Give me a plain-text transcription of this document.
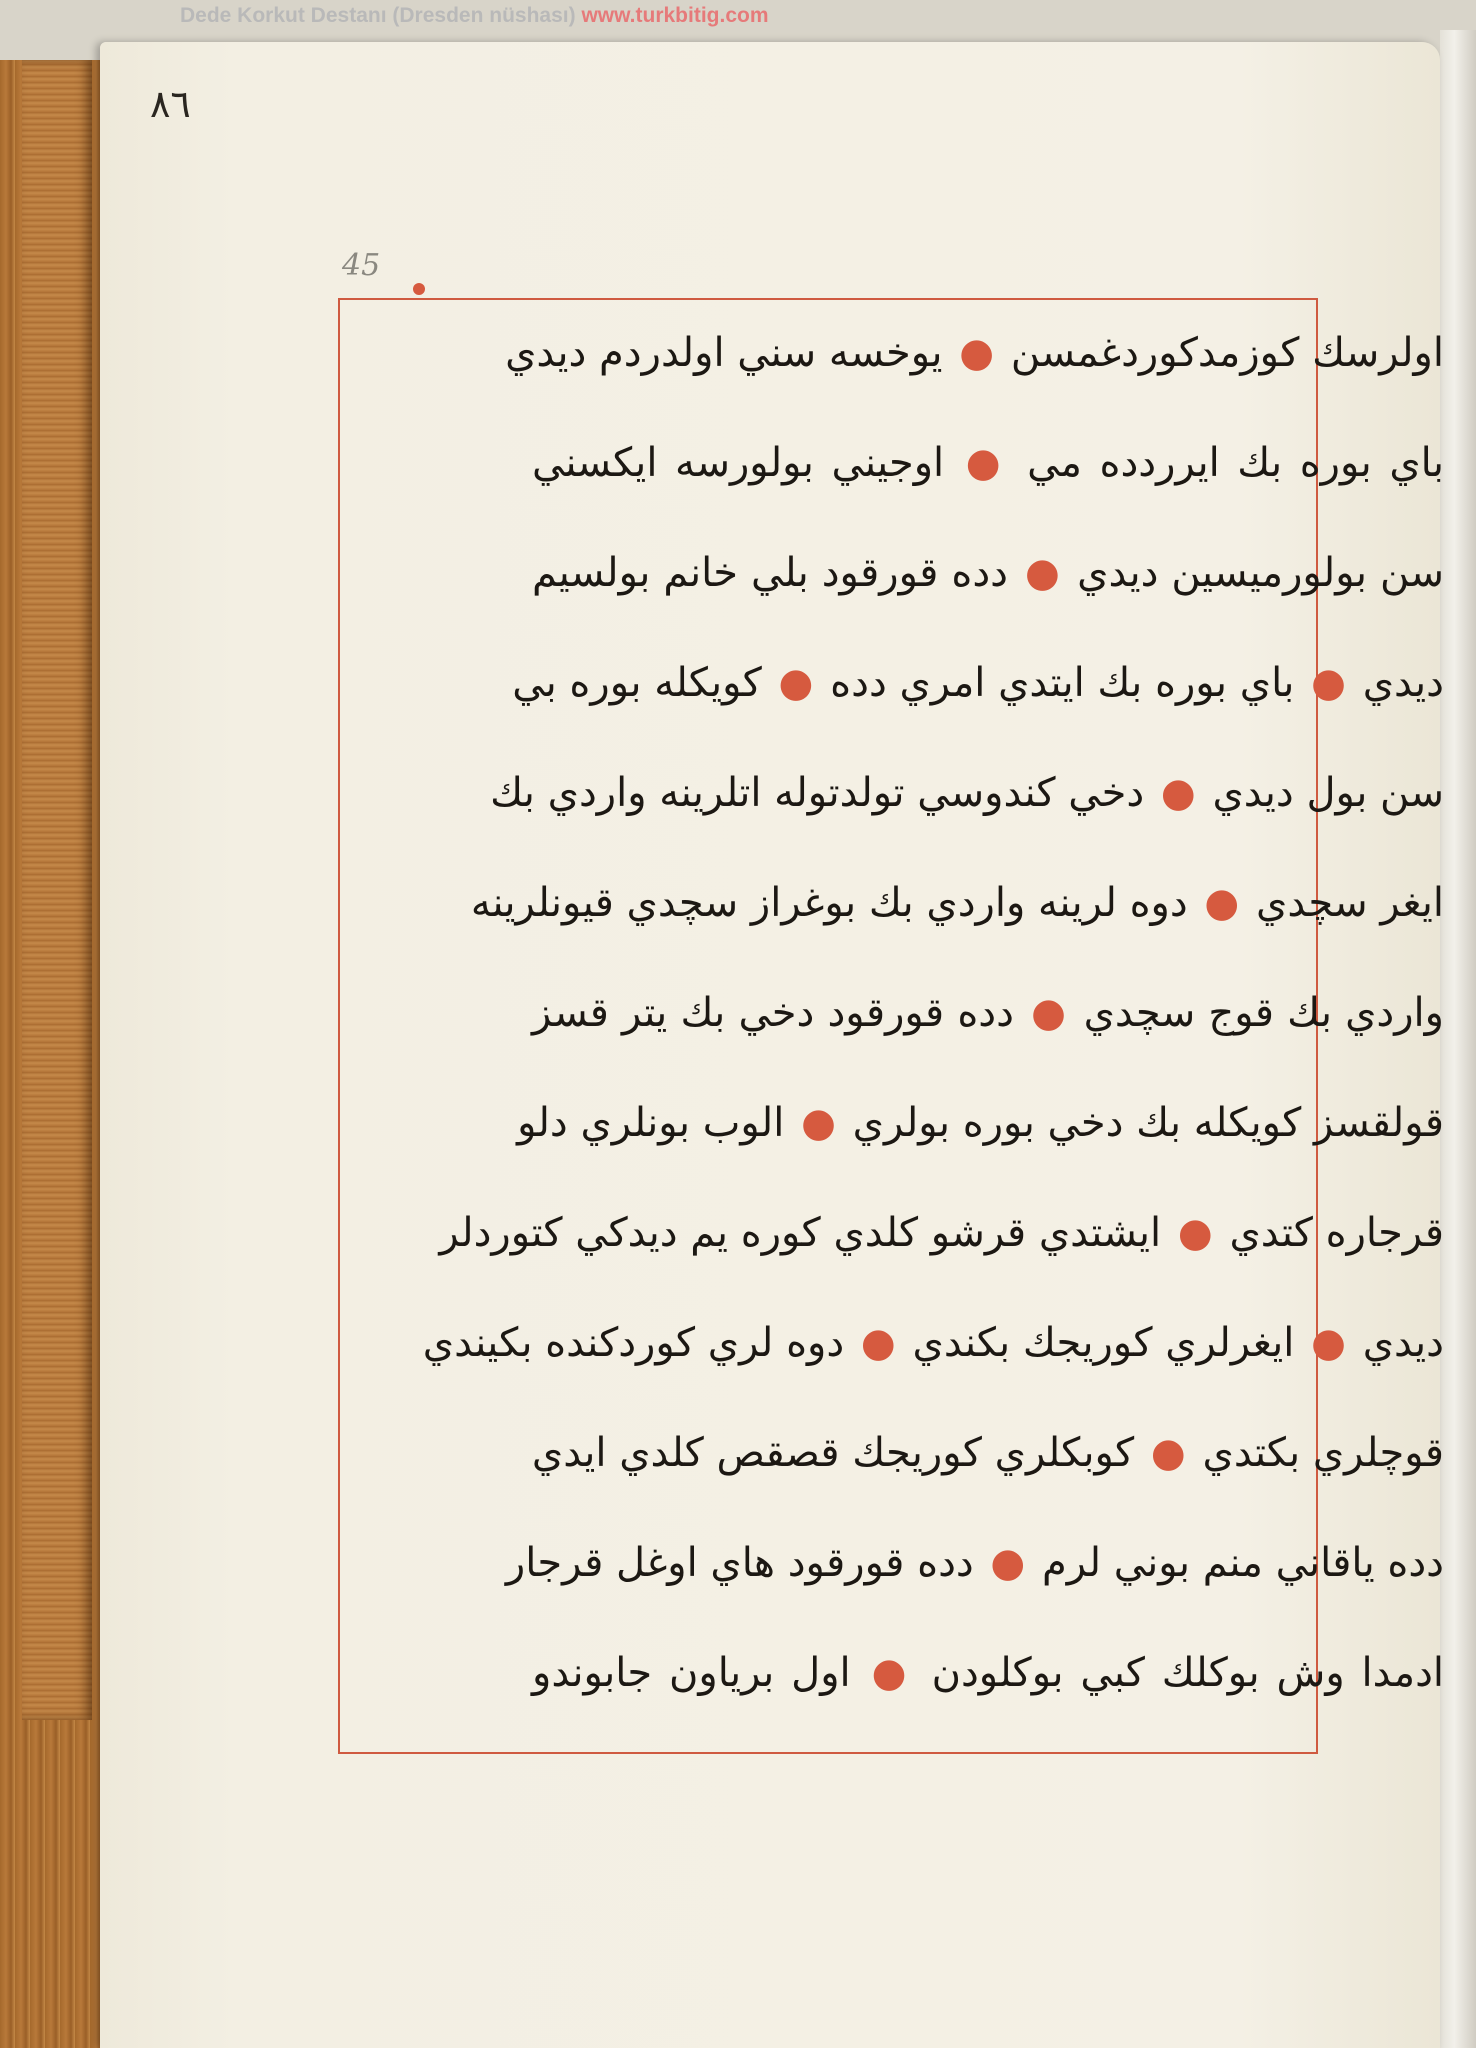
Dede Korkut Destanı (Dresden nüshası) www.turkbitig.com
٨٦
45
اولرسك كوزمدكوردغمسن ● يوخسه سني اولدردم ديدي
باي بوره بك ايرردده مي ● اوجيني بولورسه ايكسني
سن بولورميسين ديدي ● دده قورقود بلي خانم بولسيم
ديدي ● باي بوره بك ايتدي امري دده ● كويكله بوره بي
سن بول ديدي ● دخي كندوسي تولدتوله اتلرينه واردي بك
ايغر سچدي ● دوه لرينه واردي بك بوغراز سچدي قيونلرينه
واردي بك قوج سچدي ● دده قورقود دخي بك يتر قسز
قولقسز كويكله بك دخي بوره بولري ● الوب بونلري دلو
قرجاره كتدي ● ايشتدي قرشو كلدي كوره يم ديدكي كتوردلر
ديدي ● ايغرلري كوريجك بكندي ● دوه لري كوردكنده بكيندي
قوچلري بكتدي ● كوبكلري كوريجك قصقص كلدي ايدي
دده ياقاني منم بوني لرم ● دده قورقود هاي اوغل قرجار
ادمدا وش بوكلك كبي بوكلودن ● اول برياون جابوندو
